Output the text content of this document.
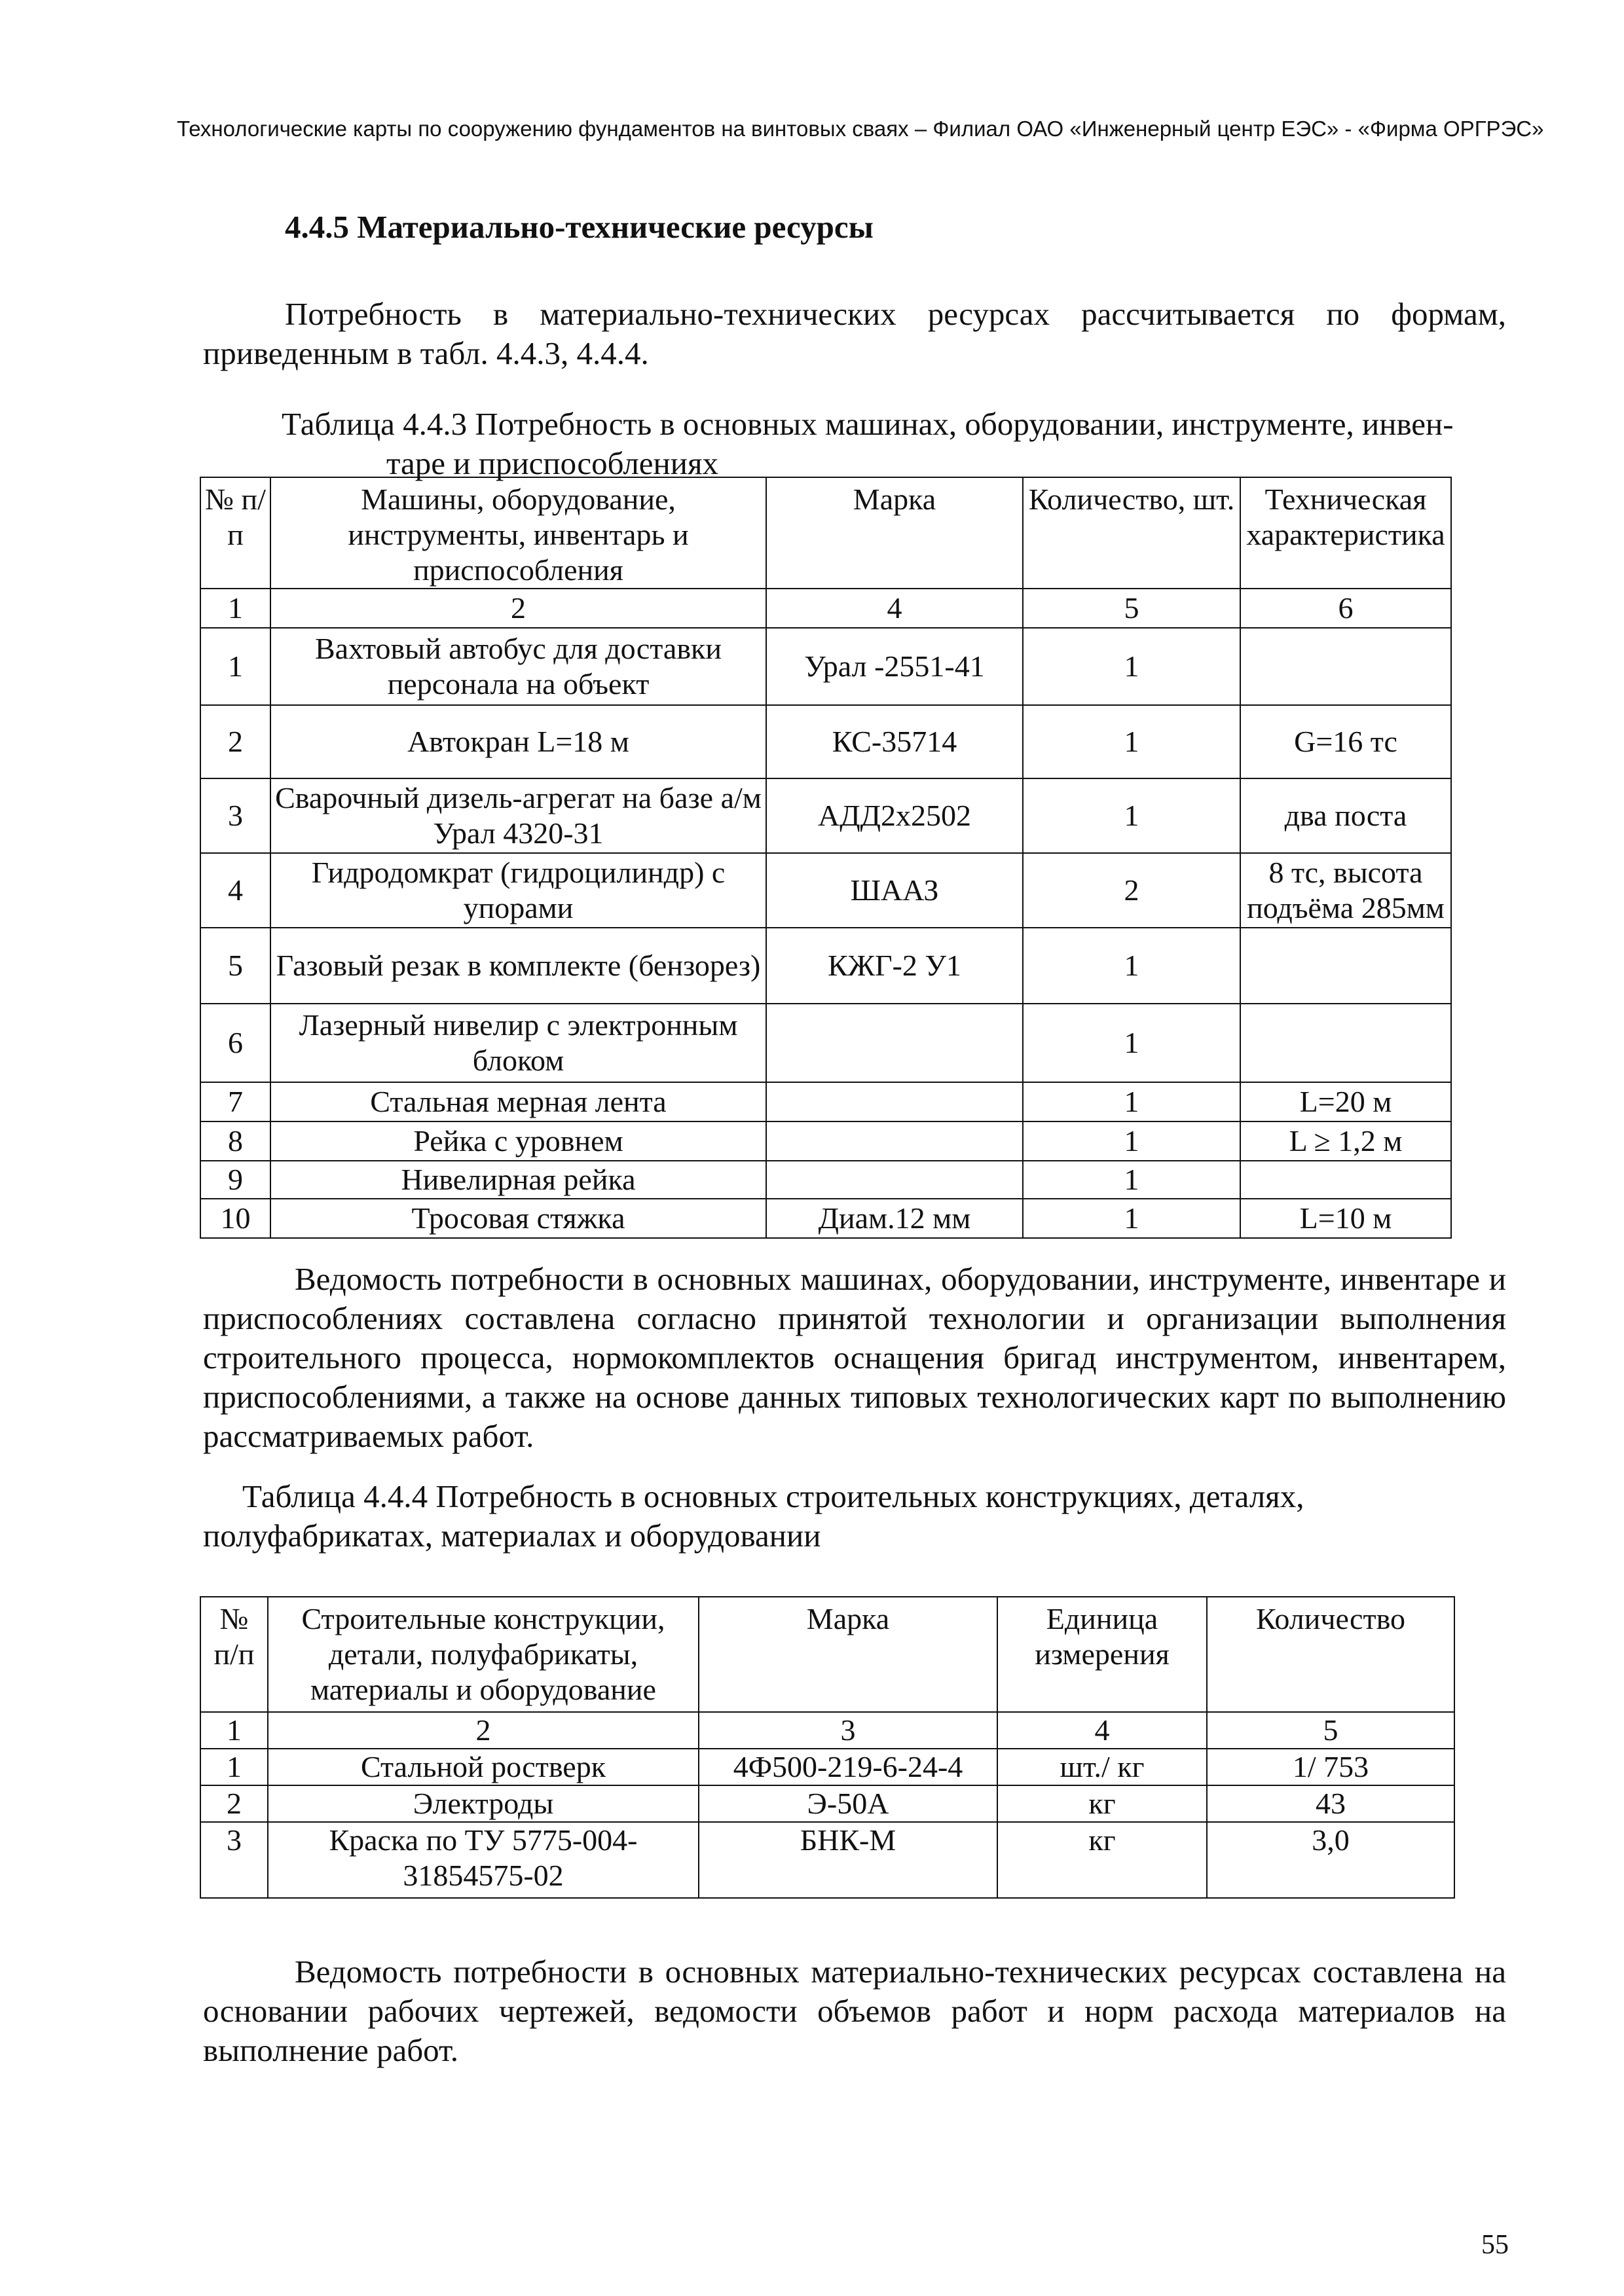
Технологические карты по сооружению фундаментов на винтовых сваях – Филиал ОАО «Инженерный центр ЕЭС» - «Фирма ОРГРЭС»
4.4.5 Материально-технические ресурсы
Потребность в материально-технических ресурсах рассчитывается по формам, приведенным в табл. 4.4.3, 4.4.4.
Таблица 4.4.3 Потребность в основных машинах, оборудовании, инструменте, инвен-
таре и приспособлениях
№ п/п	Машины, оборудование, инструменты, инвентарь и приспособления	Марка	Количество, шт.	Техническая характеристика
1	2	4	5	6
1	Вахтовый автобус для доставки персонала на объект	Урал -2551-41	1	
2	Автокран L=18 м	КС-35714	1	G=16 тс
3	Сварочный дизель-агрегат на базе а/м Урал 4320-31	АДД2х2502	1	два поста
4	Гидродомкрат (гидроцилиндр) с упорами	ШААЗ	2	8 тс, высота подъёма 285мм
5	Газовый резак в комплекте (бензорез)	КЖГ-2 У1	1	
6	Лазерный нивелир с электронным блоком		1	
7	Стальная мерная лента		1	L=20 м
8	Рейка с уровнем		1	L ≥ 1,2 м
9	Нивелирная рейка		1	
10	Тросовая стяжка	Диам.12 мм	1	L=10 м
Ведомость потребности в основных машинах, оборудовании, инструменте, инвентаре и приспособлениях составлена согласно принятой технологии и организации выполнения строительного процесса, нормокомплектов оснащения бригад инструментом, инвентарем, приспособлениями, а также на основе данных типовых технологических карт по выполнению рассматриваемых работ.
Таблица 4.4.4 Потребность в основных строительных конструкциях, деталях, полуфабрикатах, материалах и оборудовании
№ п/п	Строительные конструкции, детали, полуфабрикаты, материалы и оборудование	Марка	Единица измерения	Количество
1	2	3	4	5
1	Стальной ростверк	4Ф500-219-6-24-4	шт./ кг	1/ 753
2	Электроды	Э-50А	кг	43
3	Краска по ТУ 5775-004-31854575-02	БНК-М	кг	3,0
Ведомость потребности в основных материально-технических ресурсах составлена на основании рабочих чертежей, ведомости объемов работ и норм расхода материалов на выполнение работ.
55
